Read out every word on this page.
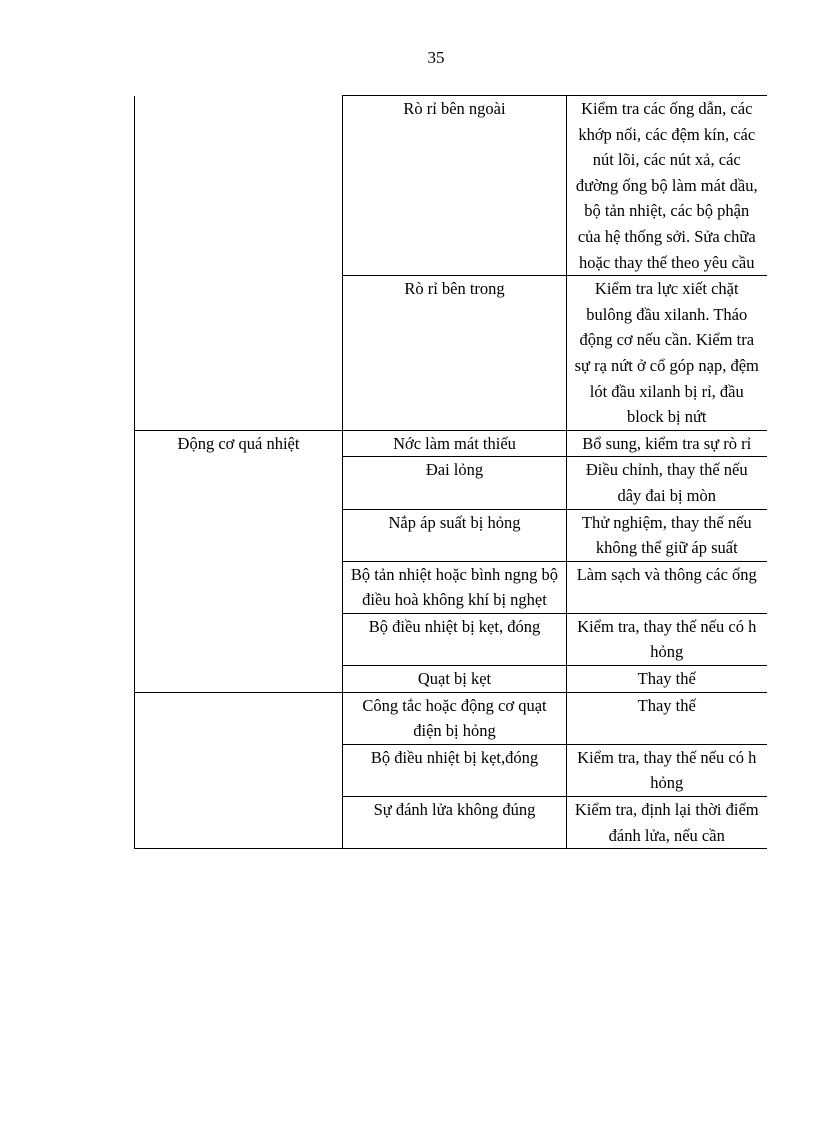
35
	Rò rỉ bên ngoài	Kiểm tra các ống dẫn, các khớp nối, các đệm kín, các nút lõi, các nút xả, các đường ống bộ làm mát dầu, bộ tản nhiệt, các bộ phận của hệ thống sởi. Sửa chữa hoặc thay thế theo yêu cầu
	Rò rỉ bên trong	Kiểm tra lực xiết chặt bulông đầu xilanh. Tháo động cơ nếu cần. Kiểm tra sự rạ nứt ở cổ góp nạp, đệm lót đầu xilanh bị rỉ, đầu block bị nứt
Động cơ quá nhiệt	Nớc làm mát thiếu	Bổ sung, kiểm tra sự rò rỉ
	Đai lỏng	Điều chỉnh, thay thế nếu dây đai bị mòn
	Nắp áp suất bị hỏng	Thử nghiệm, thay thế nếu không thể giữ áp suất
	Bộ tản nhiệt hoặc bình ngng bộ điều hoà không khí bị nghẹt	Làm sạch và thông các ống
	Bộ điều nhiệt bị kẹt, đóng	Kiểm tra, thay thế nếu có h hỏng
	Quạt bị kẹt	Thay thế
	Công tắc hoặc động cơ quạt điện bị hỏng	Thay thế
	Bộ điều nhiệt bị kẹt,đóng	Kiểm tra, thay thế nếu có h hỏng
	Sự đánh lửa không đúng	Kiểm tra, định lại thời điểm đánh lửa, nếu cần
